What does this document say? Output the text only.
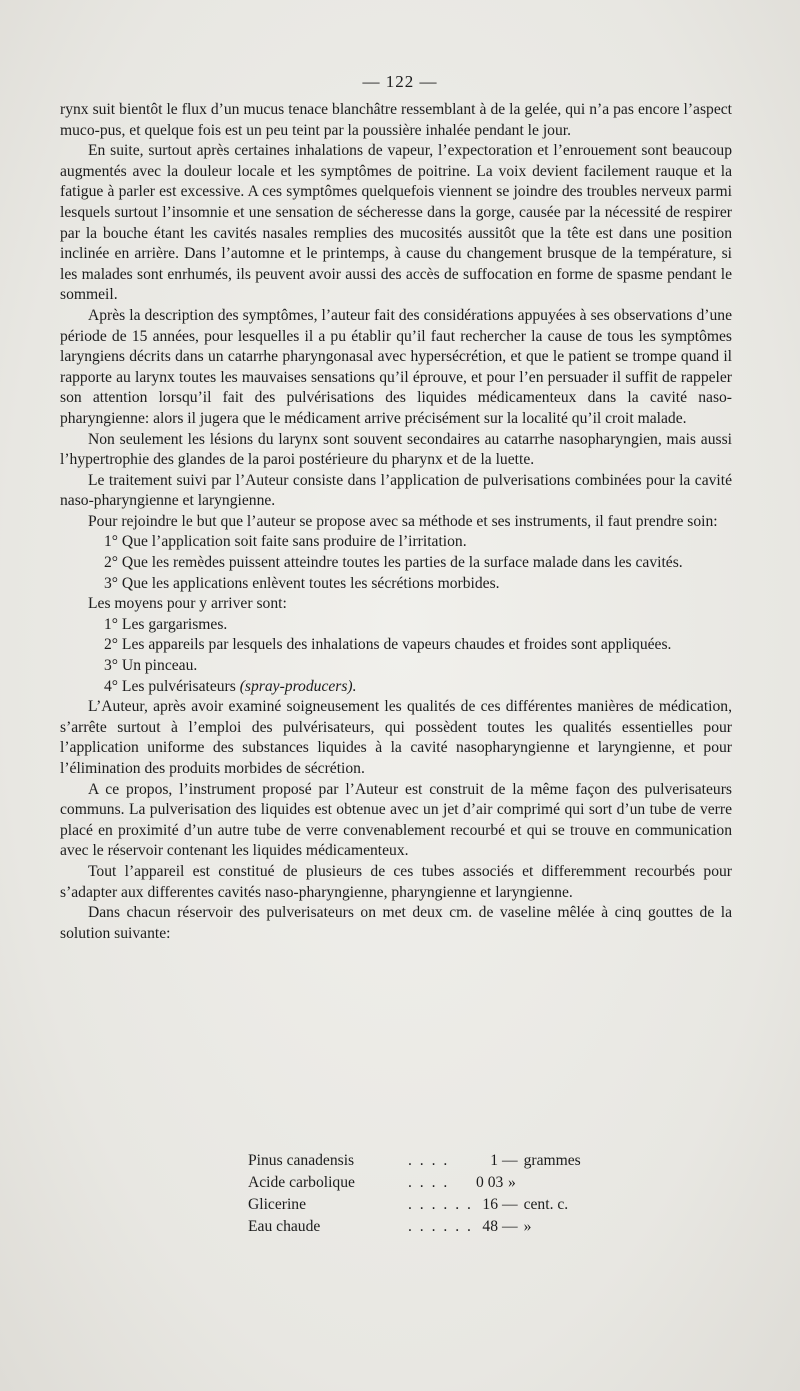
— 122 —

rynx suit bientôt le flux d’un mucus tenace blanchâtre ressemblant à de la gelée, qui n’a pas encore l’aspect muco-pus, et quelque fois est un peu teint par la poussière inhalée pendant le jour.

En suite, surtout après certaines inhalations de vapeur, l’expectoration et l’enrouement sont beaucoup augmentés avec la douleur locale et les symptômes de poitrine. La voix devient facilement rauque et la fatigue à parler est excessive. A ces symptômes quelquefois viennent se joindre des troubles nerveux parmi lesquels surtout l’insomnie et une sensation de sécheresse dans la gorge, causée par la nécessité de respirer par la bouche étant les cavités nasales remplies des mucosités aussitôt que la tête est dans une position inclinée en arrière. Dans l’automne et le printemps, à cause du changement brusque de la température, si les malades sont enrhumés, ils peuvent avoir aussi des accès de suffocation en forme de spasme pendant le sommeil.

Après la description des symptômes, l’auteur fait des considérations appuyées à ses observations d’une période de 15 années, pour lesquelles il a pu établir qu’il faut rechercher la cause de tous les symptômes laryngiens décrits dans un catarrhe pharyngonasal avec hypersécrétion, et que le patient se trompe quand il rapporte au larynx toutes les mauvaises sensations qu’il éprouve, et pour l’en persuader il suffit de rappeler son attention lorsqu’il fait des pulvérisations des liquides médicamenteux dans la cavité naso-pharyngienne: alors il jugera que le médicament arrive précisément sur la localité qu’il croit malade.

Non seulement les lésions du larynx sont souvent secondaires au catarrhe nasopharyngien, mais aussi l’hypertrophie des glandes de la paroi postérieure du pharynx et de la luette.

Le traitement suivi par l’Auteur consiste dans l’application de pulverisations combinées pour la cavité naso-pharyngienne et laryngienne.

Pour rejoindre le but que l’auteur se propose avec sa méthode et ses instruments, il faut prendre soin:

1° Que l’application soit faite sans produire de l’irritation.

2° Que les remèdes puissent atteindre toutes les parties de la surface malade dans les cavités.

3° Que les applications enlèvent toutes les sécrétions morbides.

Les moyens pour y arriver sont:

1° Les gargarismes.

2° Les appareils par lesquels des inhalations de vapeurs chaudes et froides sont appliquées.

3° Un pinceau.

4° Les pulvérisateurs (spray-producers).

L’Auteur, après avoir examiné soigneusement les qualités de ces différentes manières de médication, s’arrête surtout à l’emploi des pulvérisateurs, qui possèdent toutes les qualités essentielles pour l’application uniforme des substances liquides à la cavité nasopharyngienne et laryngienne, et pour l’élimination des produits morbides de sécrétion.

A ce propos, l’instrument proposé par l’Auteur est construit de la même façon des pulverisateurs communs. La pulverisation des liquides est obtenue avec un jet d’air comprimé qui sort d’un tube de verre placé en proximité d’un autre tube de verre convenablement recourbé et qui se trouve en communication avec le réservoir contenant les liquides médicamenteux.

Tout l’appareil est constitué de plusieurs de ces tubes associés et differemment recourbés pour s’adapter aux differentes cavités naso-pharyngienne, pharyngienne et laryngienne.

Dans chacun réservoir des pulverisateurs on met deux cm. de vaseline mêlée à cinq gouttes de la solution suivante:

Pinus canadensis	. . . .	1 — grammes
Acide carbolique	. . . .	0 03 »
Glicerine	. . . . . . 16 — cent. c.
Eau chaude	. . . . . . 48 — »
